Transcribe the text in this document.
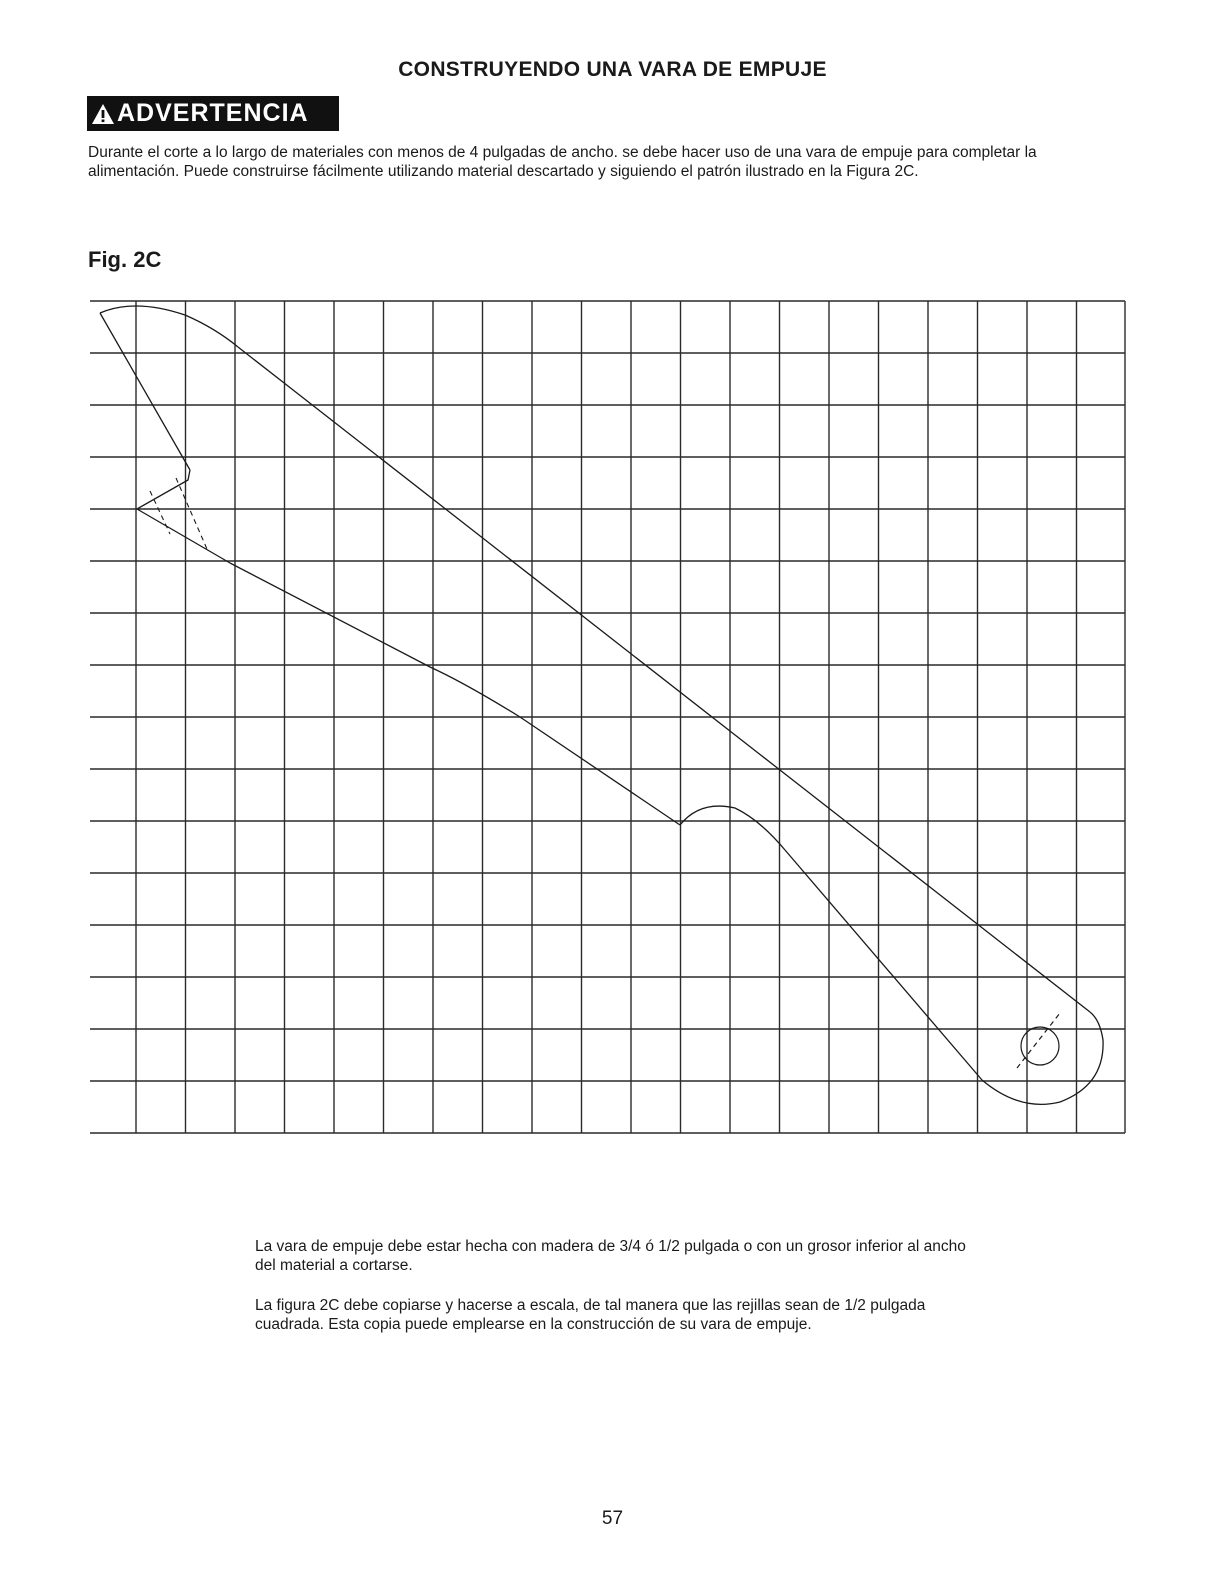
CONSTRUYENDO UNA VARA DE EMPUJE
ADVERTENCIA
Durante el corte a lo largo de materiales con menos de 4 pulgadas de ancho. se debe hacer uso de una vara de empuje para completar la alimentación. Puede construirse fácilmente utilizando material descartado y siguiendo el patrón ilustrado en la Figura 2C.
Fig. 2C
La vara de empuje debe estar hecha con madera de 3/4 ó 1/2 pulgada o con un grosor inferior al ancho del material a cortarse.
La figura 2C debe copiarse y hacerse a escala, de tal manera que las rejillas sean de 1/2 pulgada cuadrada. Esta copia puede emplearse en la construcción de su vara de empuje.
57
